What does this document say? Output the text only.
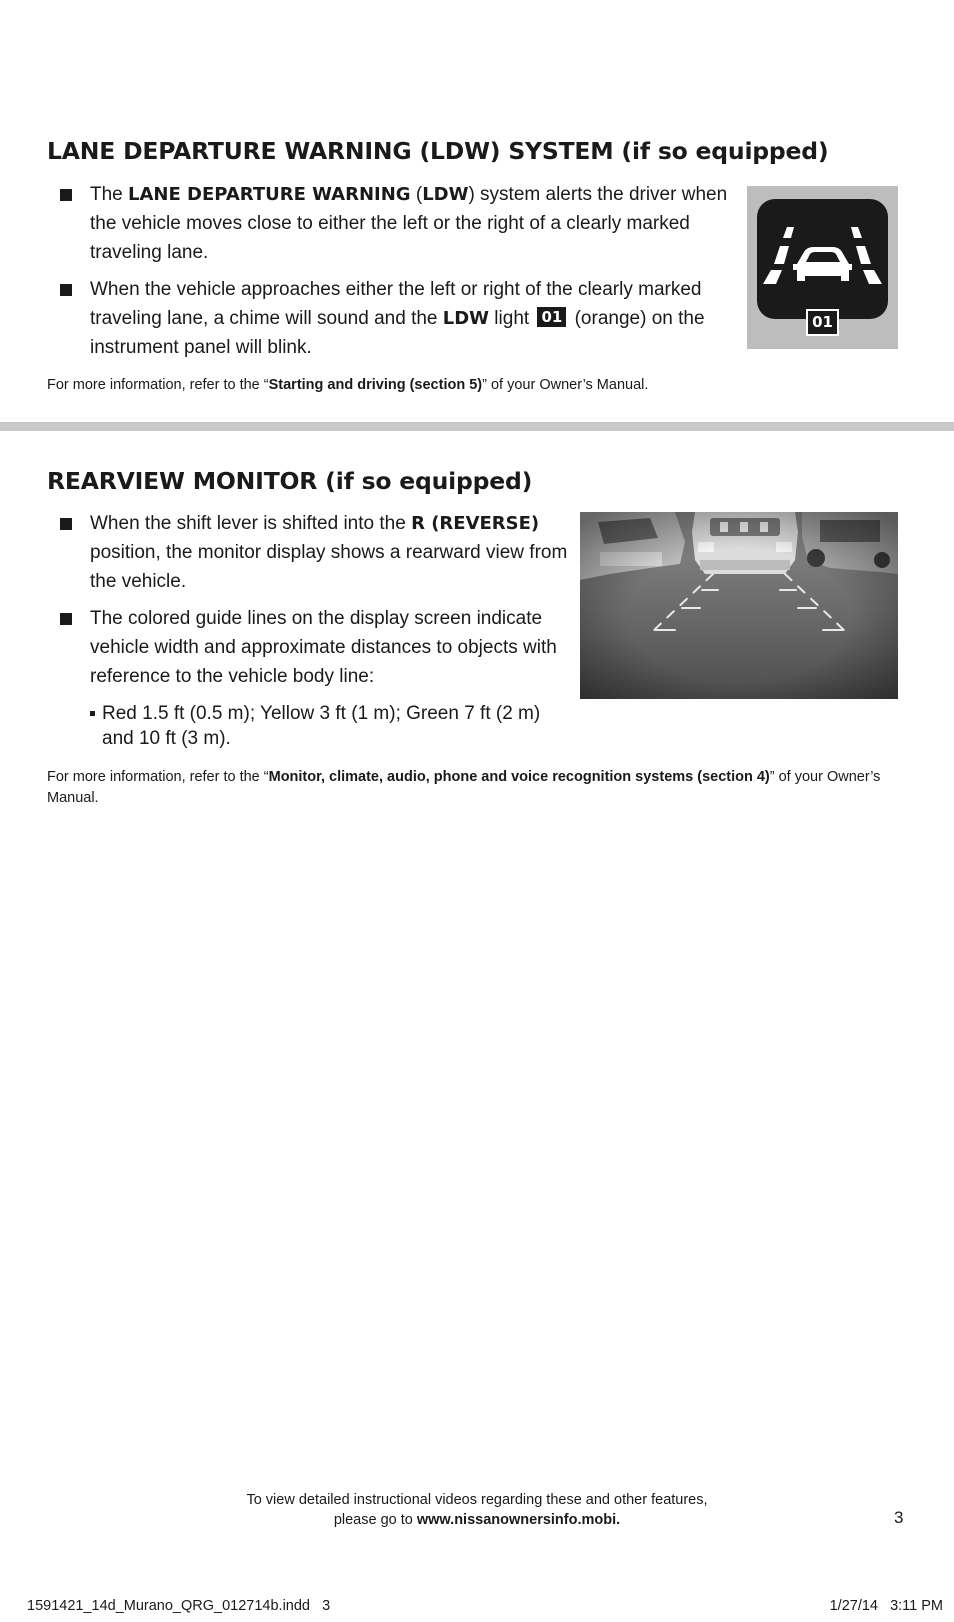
LANE DEPARTURE WARNING (LDW) SYSTEM (if so equipped)
The LANE DEPARTURE WARNING (LDW) system alerts the driver when the vehicle moves close to either the left or the right of a clearly marked traveling lane.
When the vehicle approaches either the left or right of the clearly marked traveling lane, a chime will sound and the LDW light 01 (orange) on the instrument panel will blink.
01

For more information, refer to the “Starting and driving (section 5)” of your Owner’s Manual.

REARVIEW MONITOR (if so equipped)
When the shift lever is shifted into the R (REVERSE) position, the monitor display shows a rearward view from the vehicle.
The colored guide lines on the display screen indicate vehicle width and approximate distances to objects with reference to the vehicle body line:
Red 1.5 ft (0.5 m); Yellow 3 ft (1 m); Green 7 ft (2 m) and 10 ft (3 m).

For more information, refer to the “Monitor, climate, audio, phone and voice recognition systems (section 4)” of your Owner’s Manual.

To view detailed instructional videos regarding these and other features,
please go to www.nissanownersinfo.mobi.	3
1591421_14d_Murano_QRG_012714b.indd   3	1/27/14   3:11 PM
